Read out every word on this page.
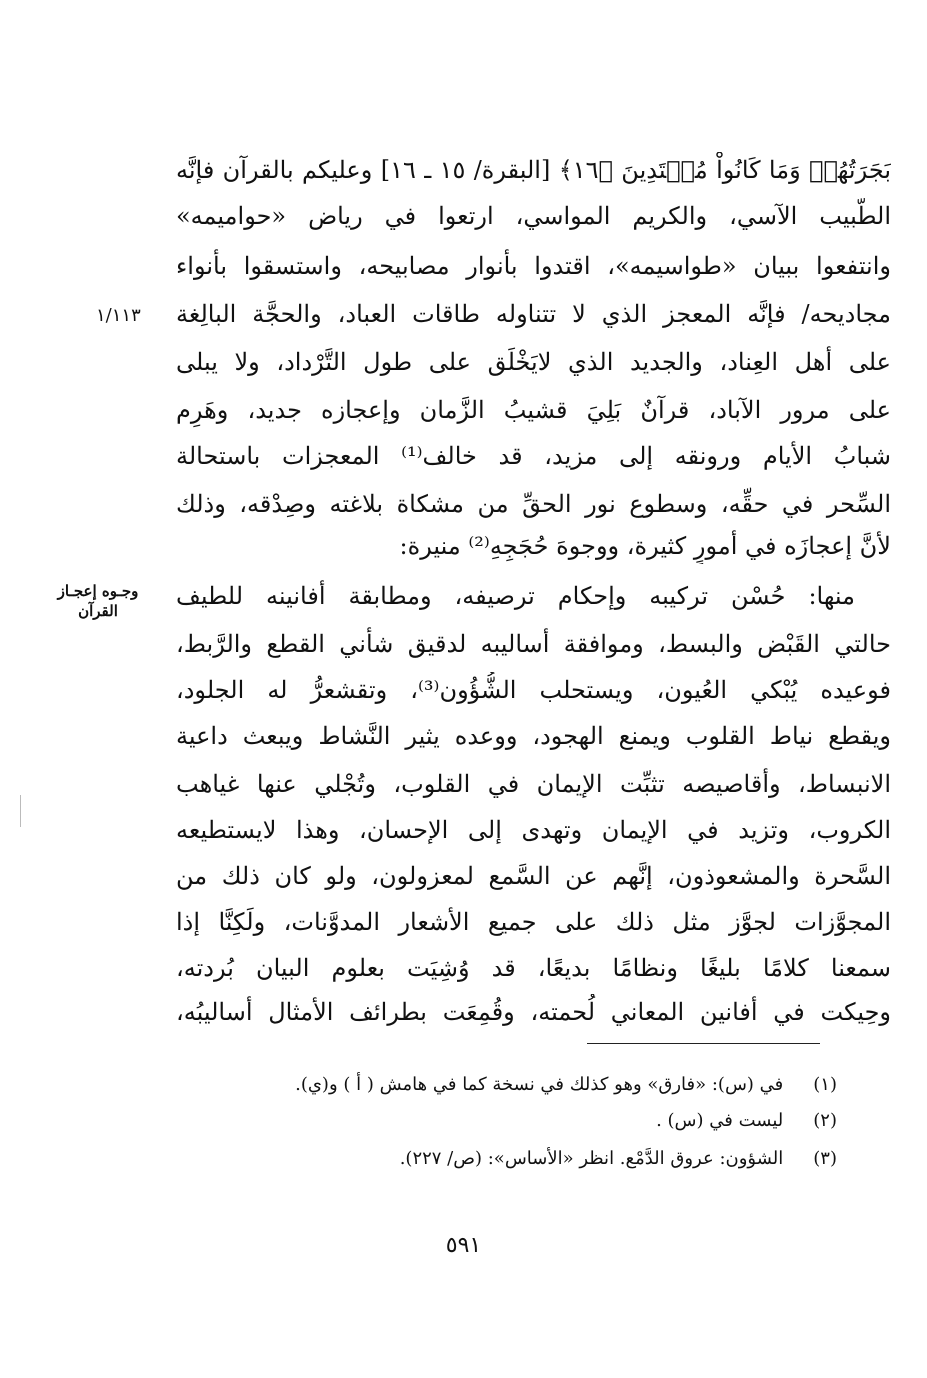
بَجَرَتُهُمۡ وَمَا كَانُواْ مُهۡتَدِينَ ﴿١٦﴾ [البقرة/ ١٥ ـ ١٦] وعليكم بالقرآن فإنَّه
الطَّبيب الآسي، والكريم المواسي، ارتعوا في رياض «حواميمه»
وانتفعوا ببيان «طواسيمه»، اقتدوا بأنوار مصابيحه، واستسقوا بأنواء
مجاديحه/ فإنَّه المعجز الذي لا تتناوله طاقات العباد، والحجَّة البالِغة
على أهل العِناد، والجديد الذي لايَخْلَق على طول التَّرْداد، ولا يبلى
على مرور الآباد، قرآنٌ بَلِيَ قشيبُ الزَّمان وإعجازه جديد، وهَرِم
شبابُ الأيام ورونقه إلى مزيد، قد خالف⁽¹⁾ المعجزات باستحالة
السِّحر في حقِّه، وسطوع نور الحقِّ من مشكاة بلاغته وصِدْقه، وذلك
لأنَّ إعجازَه في أمورٍ كثيرة، ووجوهَ حُجَجِهِ⁽²⁾ منيرة:
منها: حُسْن تركيبه وإحكام ترصيفه، ومطابقة أفانينه للطيف
حالتي القَبْض والبسط، وموافقة أساليبه لدقيق شأني القطع والرَّبط،
فوعيده يُبْكي العُيون، ويستحلب الشُّؤُون⁽³⁾، وتقشعرُّ له الجلود،
ويقطع نياط القلوب ويمنع الهجود، ووعده يثير النَّشاط ويبعث داعية
الانبساط، وأقاصيصه تثبِّت الإيمان في القلوب، وتُجْلي عنها غياهب
الكروب، وتزيد في الإيمان وتهدى إلى الإحسان، وهذا لايستطيعه
السَّحرة والمشعوذون، إنَّهم عن السَّمع لمعزولون، ولو كان ذلك من
المجوَّزات لجوَّز مثل ذلك على جميع الأشعار المدوَّنات، ولَكِنَّا إذا
سمعنا كلامًا بليغًا ونظامًا بديعًا، قد وُشِيَت بعلوم البيان بُردته،
وحِيكت في أفانين المعاني لُحمته، وقُمِعَت بطرائف الأمثال أساليبُه،
١/١١٣
وجـوه إعجـاز
القرآن
(١) في (س): «فارق» وهو كذلك في نسخة كما في هامش ( أ ) و(ي).
(٢) ليست في (س) .
(٣) الشؤون: عروق الدَّمْع. انظر «الأساس»: (ص/ ٢٢٧).
٥٩١
